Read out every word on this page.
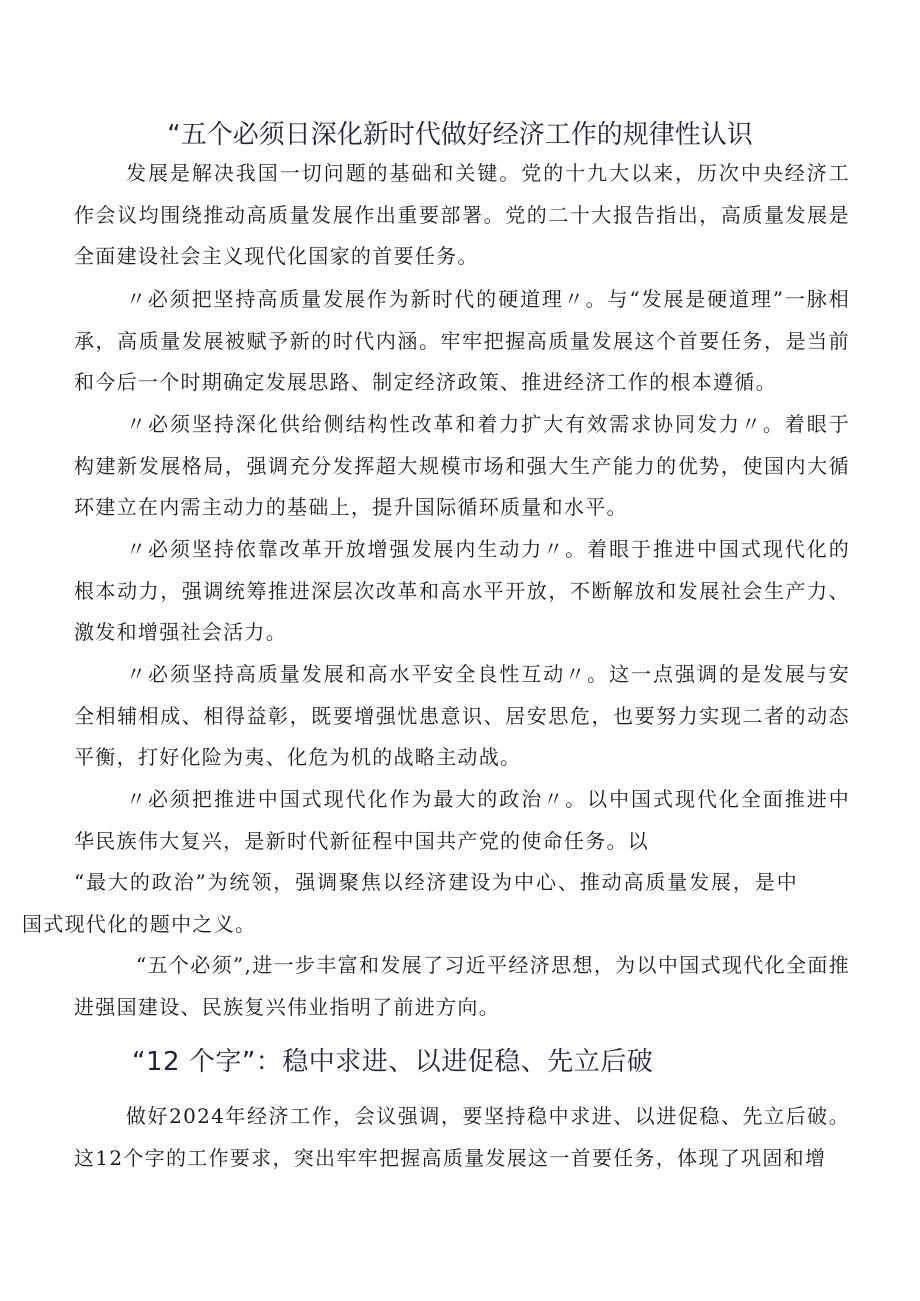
“五个必须日深化新时代做好经济工作的规律性认识
发展是解决我国一切问题的基础和关键。党的十九大以来，历次中央经济工作会议均围绕推动高质量发展作出重要部署。党的二十大报告指出，高质量发展是全面建设社会主义现代化国家的首要任务。
〃必须把坚持高质量发展作为新时代的硬道理〃。与“发展是硬道理”一脉相承，高质量发展被赋予新的时代内涵。牢牢把握高质量发展这个首要任务，是当前和今后一个时期确定发展思路、制定经济政策、推进经济工作的根本遵循。
〃必须坚持深化供给侧结构性改革和着力扩大有效需求协同发力〃。着眼于构建新发展格局，强调充分发挥超大规模市场和强大生产能力的优势，使国内大循环建立在内需主动力的基础上，提升国际循环质量和水平。
〃必须坚持依靠改革开放增强发展内生动力〃。着眼于推进中国式现代化的根本动力，强调统筹推进深层次改革和高水平开放，不断解放和发展社会生产力、激发和增强社会活力。
〃必须坚持高质量发展和高水平安全良性互动〃。这一点强调的是发展与安全相辅相成、相得益彰，既要增强忧患意识、居安思危，也要努力实现二者的动态平衡，打好化险为夷、化危为机的战略主动战。
〃必须把推进中国式现代化作为最大的政治〃。以中国式现代化全面推进中华民族伟大复兴，是新时代新征程中国共产党的使命任务。以
“最大的政治”为统领，强调聚焦以经济建设为中心、推动高质量发展，是中国式现代化的题中之义。
“五个必须”,进一步丰富和发展了习近平经济思想，为以中国式现代化全面推进强国建设、民族复兴伟业指明了前进方向。
“12 个字”：稳中求进、以进促稳、先立后破
做好2024年经济工作，会议强调，要坚持稳中求进、以进促稳、先立后破。这12个字的工作要求，突出牢牢把握高质量发展这一首要任务，体现了巩固和增
